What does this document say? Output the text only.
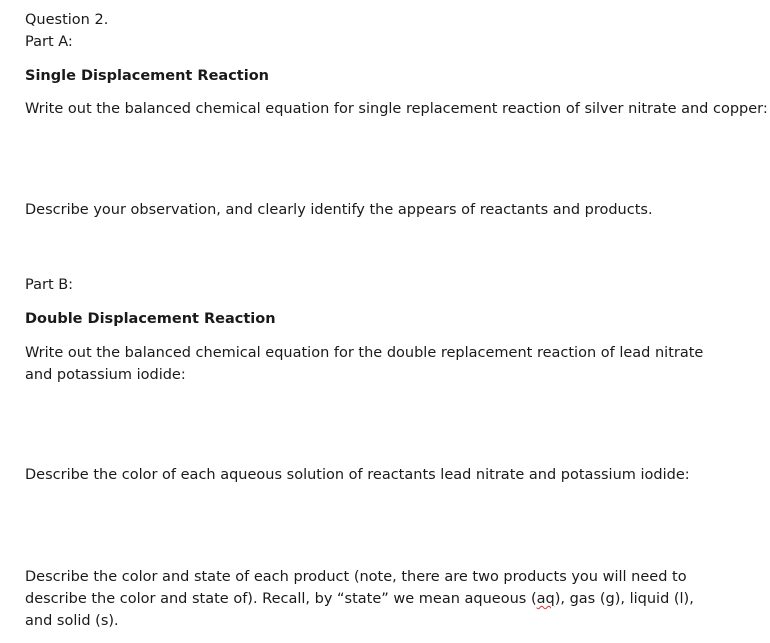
Question 2.

Part A:

Single Displacement Reaction

Write out the balanced chemical equation for single replacement reaction of silver nitrate and copper:

Describe your observation, and clearly identify the appears of reactants and products.

Part B:

Double Displacement Reaction

Write out the balanced chemical equation for the double replacement reaction of lead nitrate and potassium iodide:

Describe the color of each aqueous solution of reactants lead nitrate and potassium iodide:

Describe the color and state of each product (note, there are two products you will need to describe the color and state of). Recall, by “state” we mean aqueous (aq), gas (g), liquid (l), and solid (s).
